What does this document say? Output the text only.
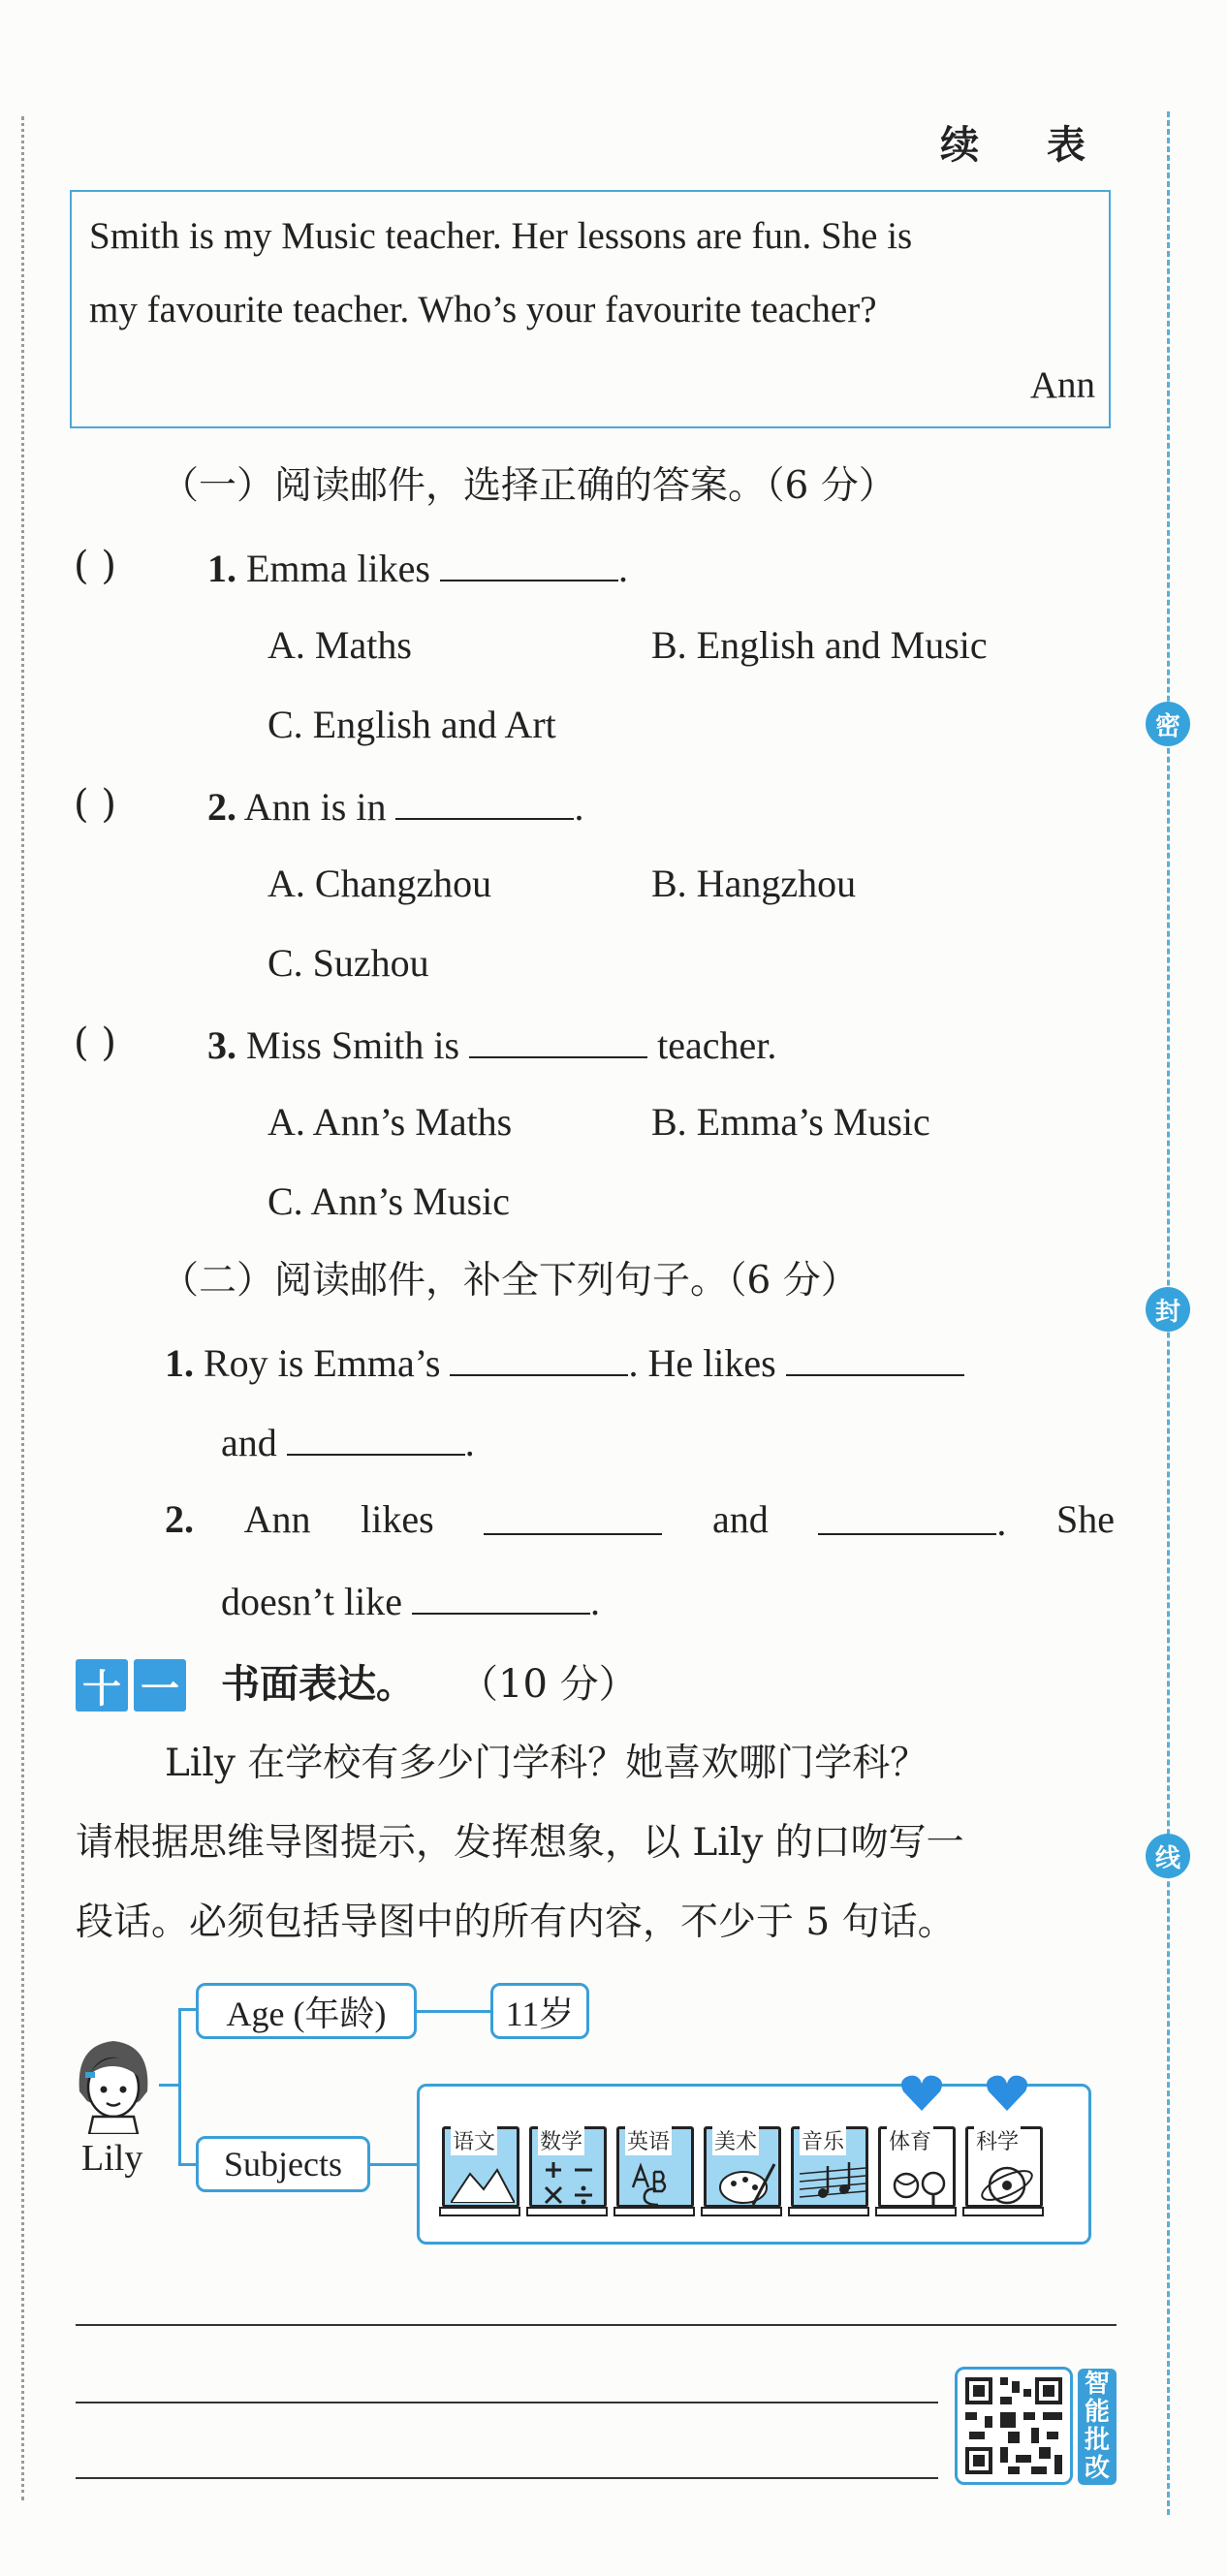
密
封
线
续 表
Smith is my Music teacher. Her lessons are fun. She is
my favourite teacher. Who’s your favourite teacher?
Ann
（一）阅读邮件，选择正确的答案。（6 分）
( ) 1. Emma likes	.
A. Maths	B. English and Music
C. English and Art
( ) 2. Ann is in	.
A. Changzhou	B. Hangzhou
C. Suzhou
( ) 3. Miss Smith is	teacher.
A. Ann’s Maths	B. Emma’s Music
C. Ann’s Music
（二）阅读邮件，补全下列句子。（6 分）
1. Roy is Emma’s	. He likes
and	.
2. Ann likes	and	. She
doesn’t like	.
十 一 书面表达。 （10 分）
Lily 在学校有多少门学科？她喜欢哪门学科？
请根据思维导图提示，发挥想象，以 Lily 的口吻写一
段话。必须包括导图中的所有内容，不少于 5 句话。
Lily
Age (年龄)	11岁
Subjects
语文 数学 英语 美术 音乐 体育 科学
智能批改
